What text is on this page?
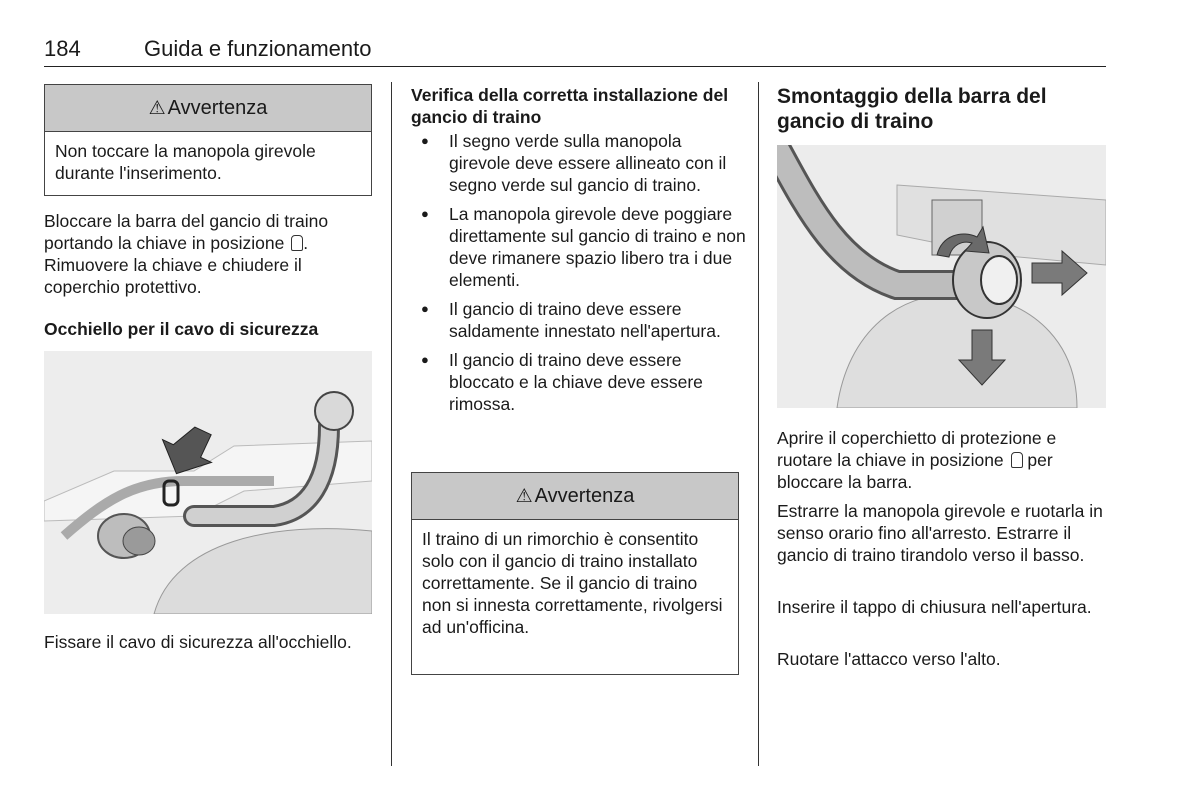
184	Guida e funzionamento
⚠ Avvertenza
Non toccare la manopola girevole durante l'inserimento.

Bloccare la barra del gancio di traino portando la chiave in posizione . Rimuovere la chiave e chiudere il coperchio protettivo.

Occhiello per il cavo di sicurezza

Fissare il cavo di sicurezza all'occhiello.

Verifica della corretta installazione del gancio di traino

● Il segno verde sulla manopola girevole deve essere allineato con il segno verde sul gancio di traino.
● La manopola girevole deve poggiare direttamente sul gancio di traino e non deve rimanere spazio libero tra i due elementi.
● Il gancio di traino deve essere saldamente innestato nell'apertura.
● Il gancio di traino deve essere bloccato e la chiave deve essere rimossa.
⚠ Avvertenza
Il traino di un rimorchio è consentito solo con il gancio di traino installato correttamente. Se il gancio di traino non si innesta correttamente, rivolgersi ad un'officina.

Smontaggio della barra del gancio di traino

Aprire il coperchietto di protezione e ruotare la chiave in posizione  per bloccare la barra.

Estrarre la manopola girevole e ruotarla in senso orario fino all'arresto. Estrarre il gancio di traino tirandolo verso il basso.

Inserire il tappo di chiusura nell'apertura.

Ruotare l'attacco verso l'alto.
